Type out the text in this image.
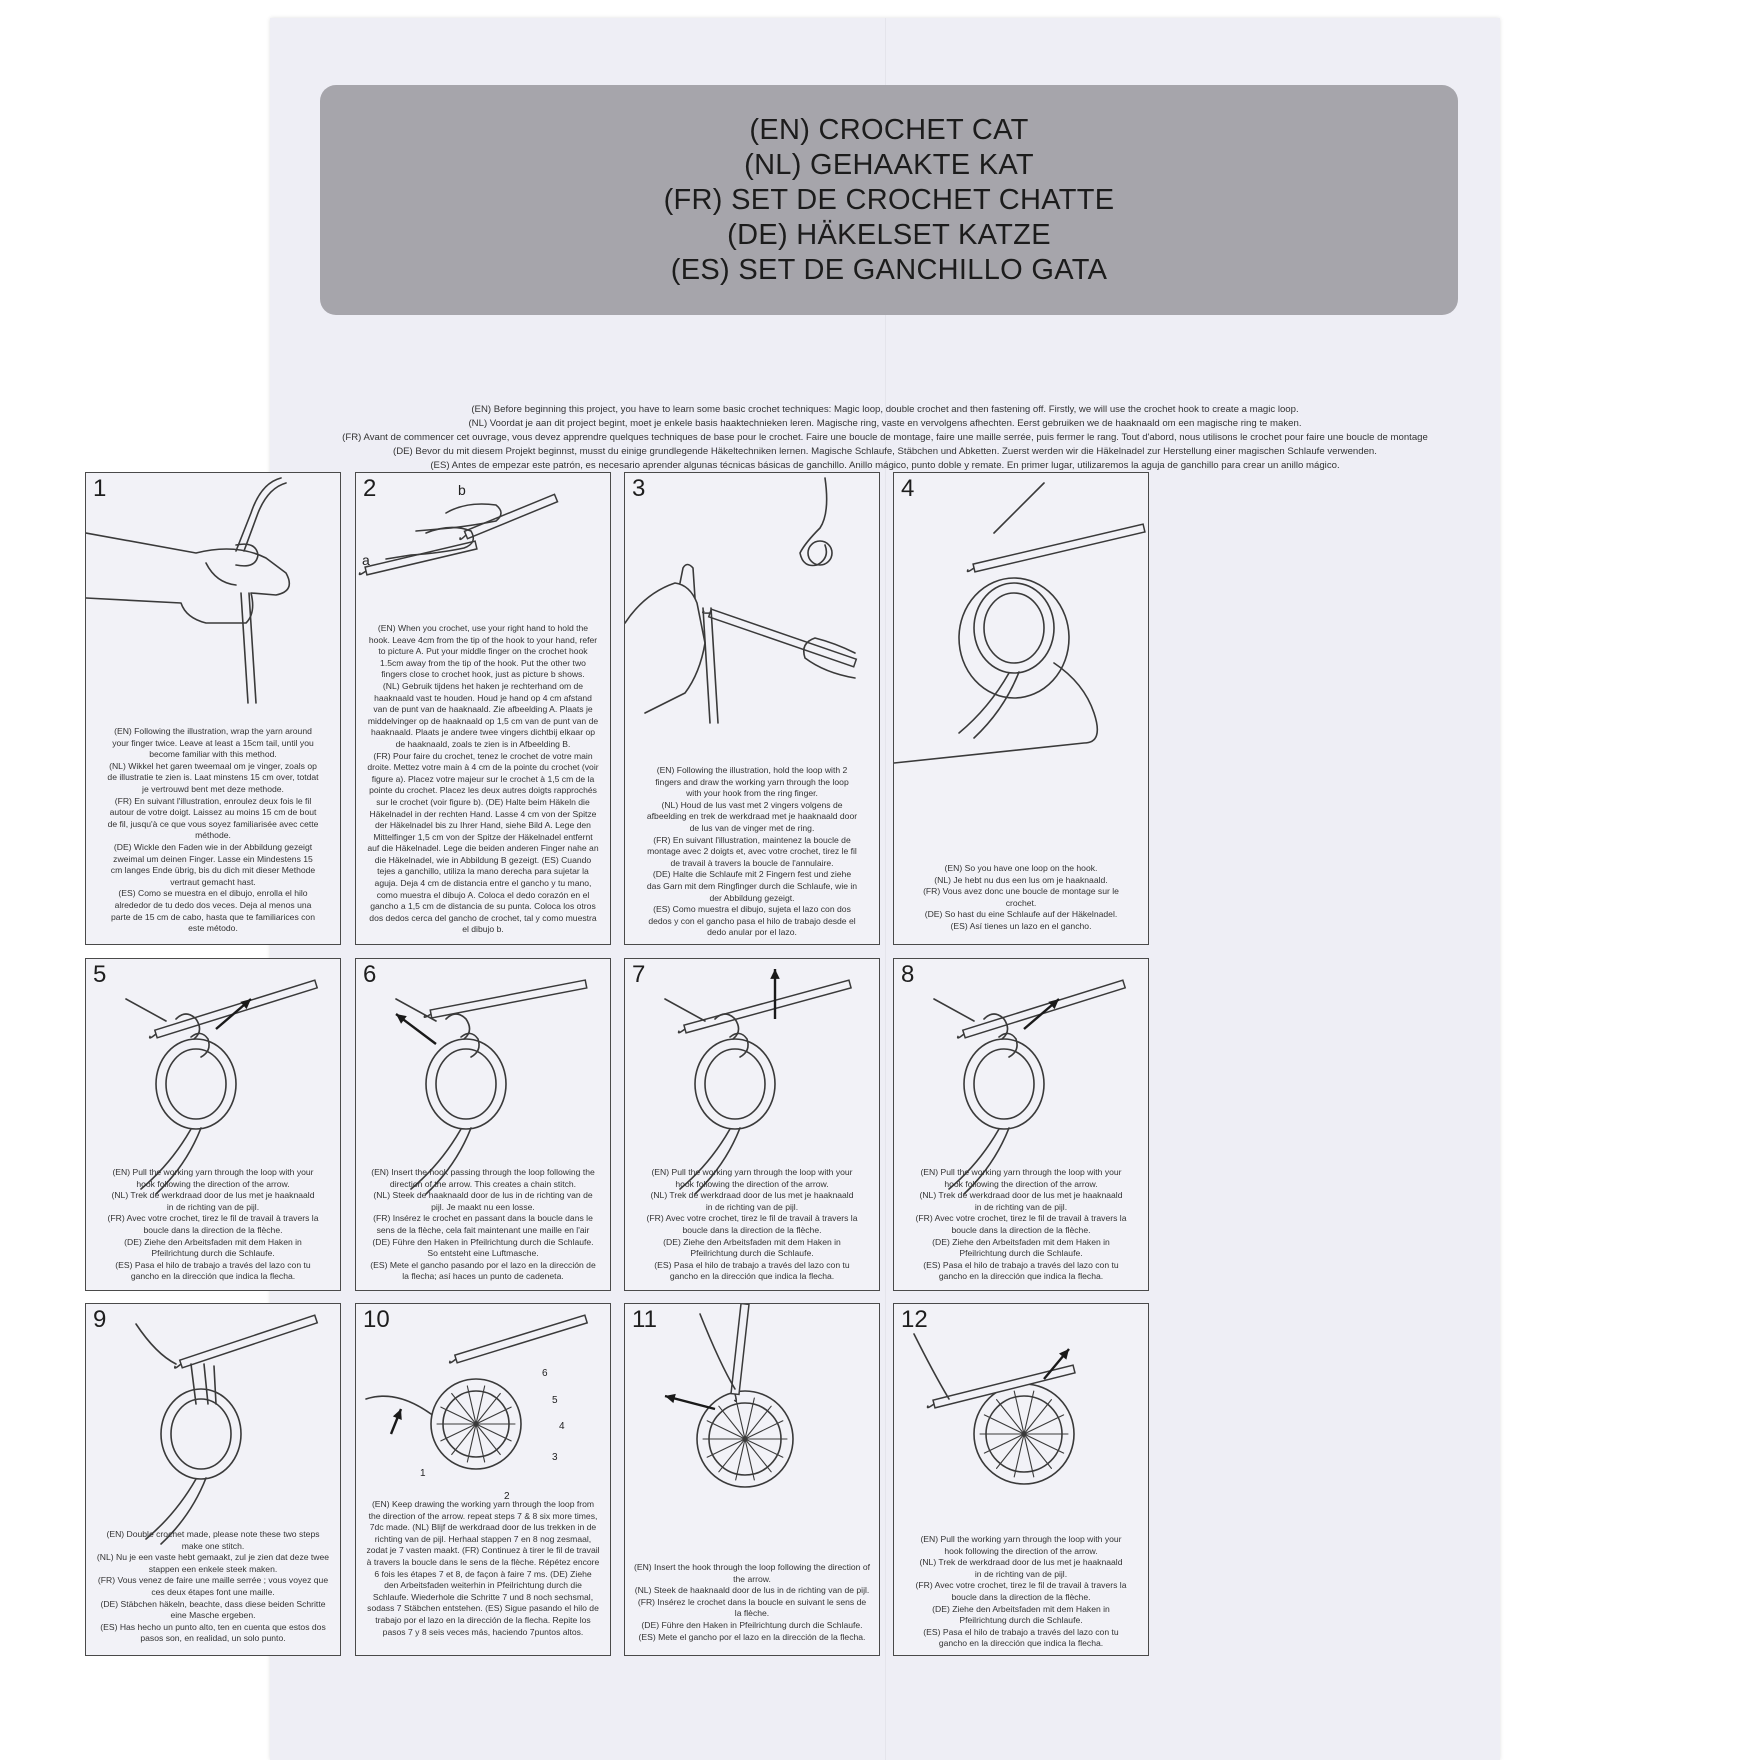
(EN) CROCHET CAT
(NL) GEHAAKTE KAT
(FR) SET DE CROCHET CHATTE
(DE) HÄKELSET KATZE
(ES) SET DE GANCHILLO GATA
(EN) Before beginning this project, you have to learn some basic crochet techniques: Magic loop, double crochet and then fastening off. Firstly, we will use the crochet hook to create a magic loop.
(NL) Voordat je aan dit project begint, moet je enkele basis haaktechnieken leren. Magische ring, vaste en vervolgens afhechten. Eerst gebruiken we de haaknaald om een magische ring te maken.
(FR) Avant de commencer cet ouvrage, vous devez apprendre quelques techniques de base pour le crochet. Faire une boucle de montage, faire une maille serrée, puis fermer le rang. Tout d'abord, nous utilisons le crochet pour faire une boucle de montage
(DE) Bevor du mit diesem Projekt beginnst, musst du einige grundlegende Häkeltechniken lernen. Magische Schlaufe, Stäbchen und Abketten. Zuerst werden wir die Häkelnadel zur Herstellung einer magischen Schlaufe verwenden.
(ES) Antes de empezar este patrón, es necesario aprender algunas técnicas básicas de ganchillo. Anillo mágico, punto doble y remate. En primer lugar, utilizaremos la aguja de ganchillo para crear un anillo mágico.
1
(EN) Following the illustration, wrap the yarn around
your finger twice. Leave at least a 15cm tail, until you
become familiar with this method.
(NL) Wikkel het garen tweemaal om je vinger, zoals op
de illustratie te zien is. Laat minstens 15 cm over, totdat
je vertrouwd bent met deze methode.
(FR) En suivant l'illustration, enroulez deux fois le fil
autour de votre doigt. Laissez au moins 15 cm de bout
de fil, jusqu'à ce que vous soyez familiarisée avec cette
méthode.
(DE) Wickle den Faden wie in der Abbildung gezeigt
zweimal um deinen Finger. Lasse ein Mindestens 15
cm langes Ende übrig, bis du dich mit dieser Methode
vertraut gemacht hast.
(ES) Como se muestra en el dibujo, enrolla el hilo
alrededor de tu dedo dos veces. Deja al menos una
parte de 15 cm de cabo, hasta que te familiarices con
este método.
2
a
b
(EN) When you crochet, use your right hand to hold the
hook. Leave 4cm from the tip of the hook to your hand, refer
to picture A. Put your middle finger on the crochet hook
1.5cm away from the tip of the hook. Put the other two
fingers close to crochet hook, just as picture b shows.
(NL) Gebruik tijdens het haken je rechterhand om de
haaknaald vast te houden. Houd je hand op 4 cm afstand
van de punt van de haaknaald. Zie afbeelding A. Plaats je
middelvinger op de haaknaald op 1,5 cm van de punt van de
haaknaald. Plaats je andere twee vingers dichtbij elkaar op
de haaknaald, zoals te zien is in Afbeelding B.
(FR) Pour faire du crochet, tenez le crochet de votre main
droite. Mettez votre main à 4 cm de la pointe du crochet (voir
figure a). Placez votre majeur sur le crochet à 1,5 cm de la
pointe du crochet. Placez les deux autres doigts rapprochés
sur le crochet (voir figure b). (DE) Halte beim Häkeln die
Häkelnadel in der rechten Hand. Lasse 4 cm von der Spitze
der Häkelnadel bis zu Ihrer Hand, siehe Bild A. Lege den
Mittelfinger 1,5 cm von der Spitze der Häkelnadel entfernt
auf die Häkelnadel. Lege die beiden anderen Finger nahe an
die Häkelnadel, wie in Abbildung B gezeigt. (ES) Cuando
tejes a ganchillo, utiliza la mano derecha para sujetar la
aguja. Deja 4 cm de distancia entre el gancho y tu mano,
como muestra el dibujo A. Coloca el dedo corazón en el
gancho a 1,5 cm de distancia de su punta. Coloca los otros
dos dedos cerca del gancho de crochet, tal y como muestra
el dibujo b.
3
(EN) Following the illustration, hold the loop with 2
fingers and draw the working yarn through the loop
with your hook from the ring finger.
(NL) Houd de lus vast met 2 vingers volgens de
afbeelding en trek de werkdraad met je haaknaald door
de lus van de vinger met de ring.
(FR) En suivant l'illustration, maintenez la boucle de
montage avec 2 doigts et, avec votre crochet, tirez le fil
de travail à travers la boucle de l'annulaire.
(DE) Halte die Schlaufe mit 2 Fingern fest und ziehe
das Garn mit dem Ringfinger durch die Schlaufe, wie in
der Abbildung gezeigt.
(ES) Como muestra el dibujo, sujeta el lazo con dos
dedos y con el gancho pasa el hilo de trabajo desde el
dedo anular por el lazo.
4
(EN) So you have one loop on the hook.
(NL) Je hebt nu dus een lus om je haaknaald.
(FR) Vous avez donc une boucle de montage sur le
crochet.
(DE) So hast du eine Schlaufe auf der Häkelnadel.
(ES) Así tienes un lazo en el gancho.
5
(EN) Pull the working yarn through the loop with your
hook following the direction of the arrow.
(NL) Trek de werkdraad door de lus met je haaknaald
in de richting van de pijl.
(FR) Avec votre crochet, tirez le fil de travail à travers la
boucle dans la direction de la flèche.
(DE) Ziehe den Arbeitsfaden mit dem Haken in
Pfeilrichtung durch die Schlaufe.
(ES) Pasa el hilo de trabajo a través del lazo con tu
gancho en la dirección que indica la flecha.
6
(EN) Insert the hook passing through the loop following the
direction of the arrow. This creates a chain stitch.
(NL) Steek de haaknaald door de lus in de richting van de
pijl. Je maakt nu een losse.
(FR) Insérez le crochet en passant dans la boucle dans le
sens de la flèche, cela fait maintenant une maille en l'air
(DE) Führe den Haken in Pfeilrichtung durch die Schlaufe.
So entsteht eine Luftmasche.
(ES) Mete el gancho pasando por el lazo en la dirección de
la flecha; así haces un punto de cadeneta.
7
(EN) Pull the working yarn through the loop with your
hook following the direction of the arrow.
(NL) Trek de werkdraad door de lus met je haaknaald
in de richting van de pijl.
(FR) Avec votre crochet, tirez le fil de travail à travers la
boucle dans la direction de la flèche.
(DE) Ziehe den Arbeitsfaden mit dem Haken in
Pfeilrichtung durch die Schlaufe.
(ES) Pasa el hilo de trabajo a través del lazo con tu
gancho en la dirección que indica la flecha.
8
(EN) Pull the working yarn through the loop with your
hook following the direction of the arrow.
(NL) Trek de werkdraad door de lus met je haaknaald
in de richting van de pijl.
(FR) Avec votre crochet, tirez le fil de travail à travers la
boucle dans la direction de la flèche.
(DE) Ziehe den Arbeitsfaden mit dem Haken in
Pfeilrichtung durch die Schlaufe.
(ES) Pasa el hilo de trabajo a través del lazo con tu
gancho en la dirección que indica la flecha.
9
(EN) Double crochet made, please note these two steps
make one stitch.
(NL) Nu je een vaste hebt gemaakt, zul je zien dat deze twee
stappen een enkele steek maken.
(FR) Vous venez de faire une maille serrée ; vous voyez que
ces deux étapes font une maille.
(DE) Stäbchen häkeln, beachte, dass diese beiden Schritte
eine Masche ergeben.
(ES) Has hecho un punto alto, ten en cuenta que estos dos
pasos son, en realidad, un solo punto.
10
1
2
3
4
5
6
(EN) Keep drawing the working yarn through the loop from
the direction of the arrow. repeat steps 7 & 8 six more times,
7dc made. (NL) Blijf de werkdraad door de lus trekken in de
richting van de pijl. Herhaal stappen 7 en 8 nog zesmaal,
zodat je 7 vasten maakt. (FR) Continuez à tirer le fil de travail
à travers la boucle dans le sens de la flèche. Répétez encore
6 fois les étapes 7 et 8, de façon à faire 7 ms. (DE) Ziehe
den Arbeitsfaden weiterhin in Pfeilrichtung durch die
Schlaufe. Wiederhole die Schritte 7 und 8 noch sechsmal,
sodass 7 Stäbchen entstehen. (ES) Sigue pasando el hilo de
trabajo por el lazo en la dirección de la flecha. Repite los
pasos 7 y 8 seis veces más, haciendo 7puntos altos.
11
(EN) Insert the hook through the loop following the direction of
the arrow.
(NL) Steek de haaknaald door de lus in de richting van de pijl.
(FR) Insérez le crochet dans la boucle en suivant le sens de
la flèche.
(DE) Führe den Haken in Pfeilrichtung durch die Schlaufe.
(ES) Mete el gancho por el lazo en la dirección de la flecha.
12
(EN) Pull the working yarn through the loop with your
hook following the direction of the arrow.
(NL) Trek de werkdraad door de lus met je haaknaald
in de richting van de pijl.
(FR) Avec votre crochet, tirez le fil de travail à travers la
boucle dans la direction de la flèche.
(DE) Ziehe den Arbeitsfaden mit dem Haken in
Pfeilrichtung durch die Schlaufe.
(ES) Pasa el hilo de trabajo a través del lazo con tu
gancho en la dirección que indica la flecha.
